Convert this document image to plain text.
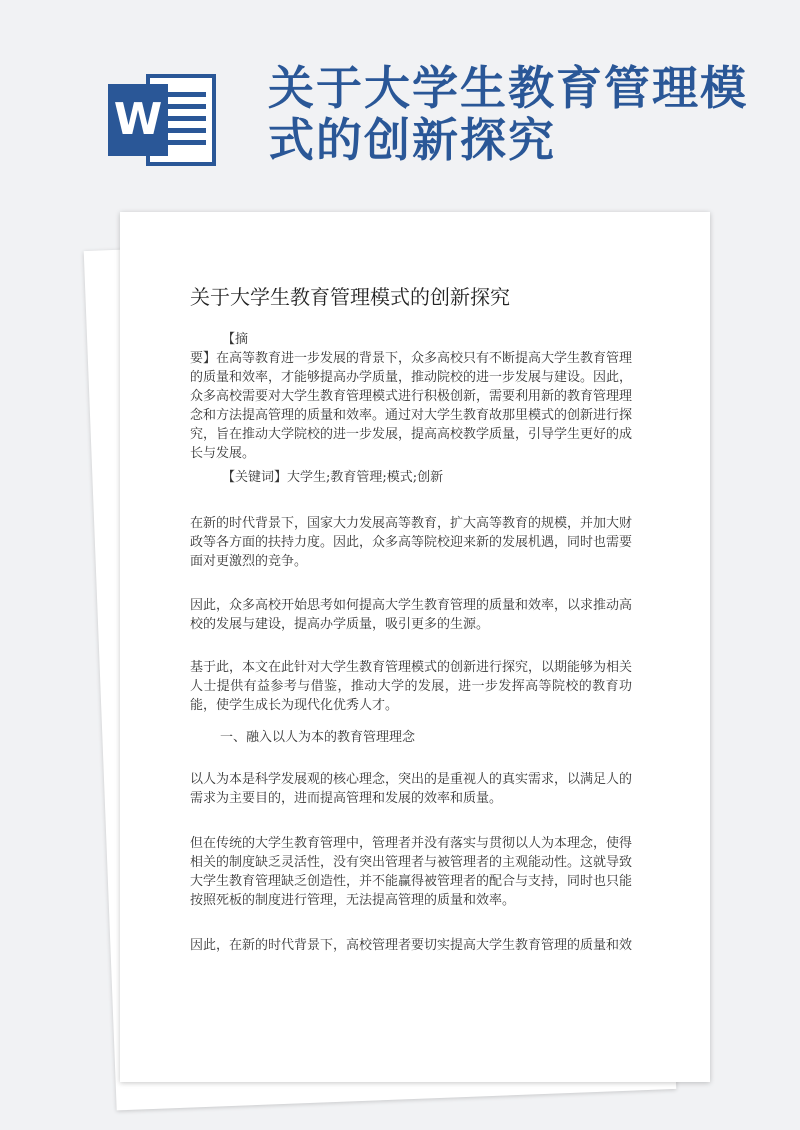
W
关于大学生教育管理模式的创新探究
关于大学生教育管理模式的创新探究
【摘
要】在高等教育进一步发展的背景下，众多高校只有不断提高大学生教育管理的质量和效率，才能够提高办学质量，推动院校的进一步发展与建设。因此，众多高校需要对大学生教育管理模式进行积极创新，需要利用新的教育管理理念和方法提高管理的质量和效率。通过对大学生教育故那里模式的创新进行探究，旨在推动大学院校的进一步发展，提高高校教学质量，引导学生更好的成长与发展。
【关键词】大学生;教育管理;模式;创新
在新的时代背景下，国家大力发展高等教育，扩大高等教育的规模，并加大财政等各方面的扶持力度。因此，众多高等院校迎来新的发展机遇，同时也需要面对更激烈的竞争。
因此，众多高校开始思考如何提高大学生教育管理的质量和效率，以求推动高校的发展与建设，提高办学质量，吸引更多的生源。
基于此，本文在此针对大学生教育管理模式的创新进行探究，以期能够为相关人士提供有益参考与借鉴，推动大学的发展，进一步发挥高等院校的教育功能，使学生成长为现代化优秀人才。
一、融入以人为本的教育管理理念
以人为本是科学发展观的核心理念，突出的是重视人的真实需求，以满足人的需求为主要目的，进而提高管理和发展的效率和质量。
但在传统的大学生教育管理中，管理者并没有落实与贯彻以人为本理念，使得相关的制度缺乏灵活性，没有突出管理者与被管理者的主观能动性。这就导致大学生教育管理缺乏创造性，并不能赢得被管理者的配合与支持，同时也只能按照死板的制度进行管理，无法提高管理的质量和效率。
因此，在新的时代背景下，高校管理者要切实提高大学生教育管理的质量和效
